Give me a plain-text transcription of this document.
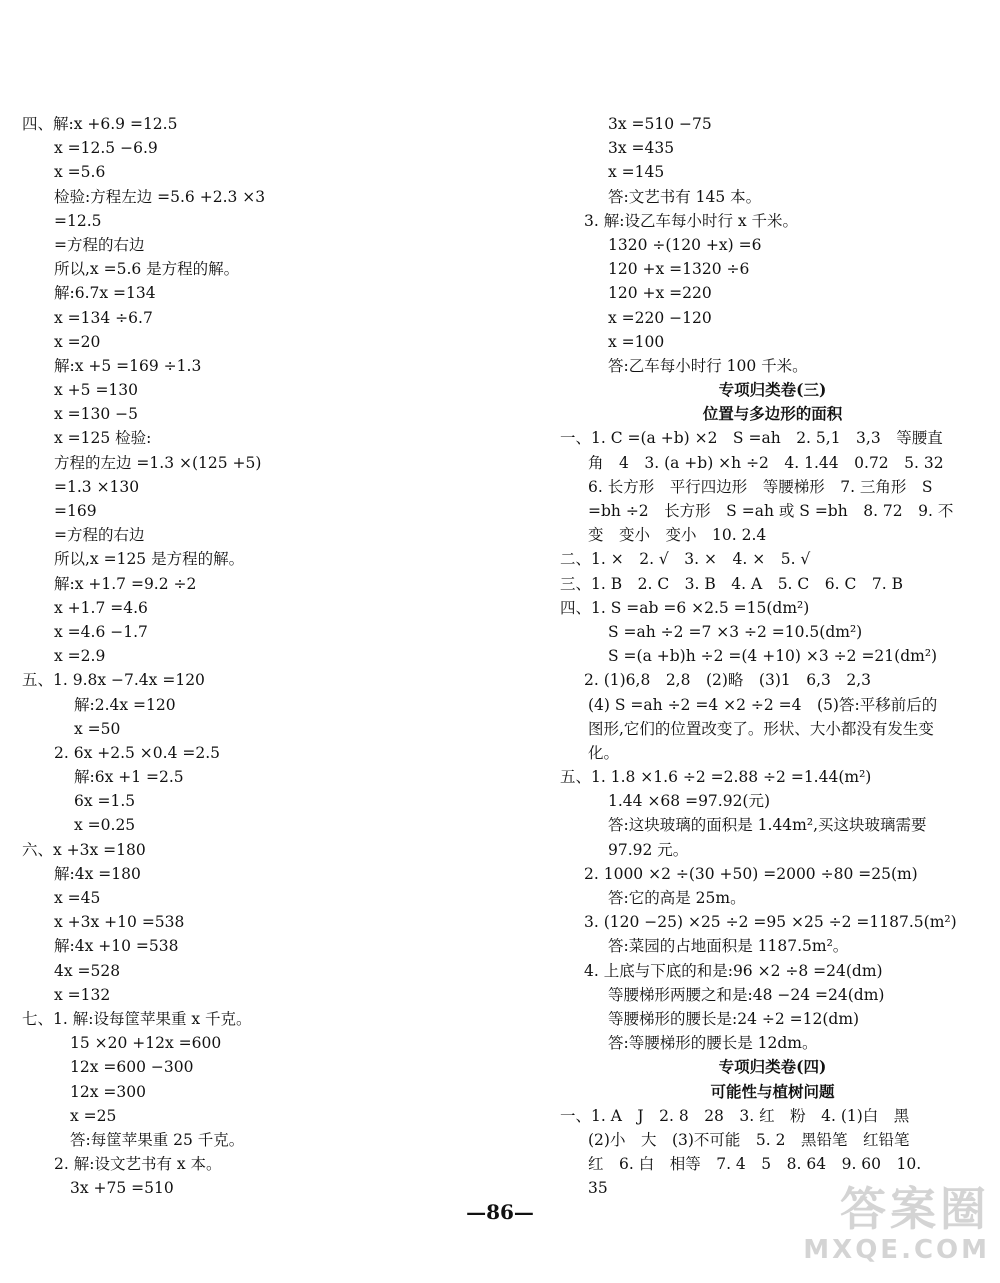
四、解:x +6.9 =12.5
x =12.5 −6.9
x =5.6
检验:方程左边 =5.6 +2.3 ×3
=12.5
=方程的右边
所以,x =5.6 是方程的解。
解:6.7x =134
x =134 ÷6.7
x =20
解:x +5 =169 ÷1.3
x +5 =130
x =130 −5
x =125 检验:
方程的左边 =1.3 ×(125 +5)
=1.3 ×130
=169
=方程的右边
所以,x =125 是方程的解。
解:x +1.7 =9.2 ÷2
x +1.7 =4.6
x =4.6 −1.7
x =2.9
五、1. 9.8x −7.4x =120
解:2.4x =120
x =50
2. 6x +2.5 ×0.4 =2.5
解:6x +1 =2.5
6x =1.5
x =0.25
六、x +3x =180
解:4x =180
x =45
x +3x +10 =538
解:4x +10 =538
4x =528
x =132
七、1. 解:设每筐苹果重 x 千克。
15 ×20 +12x =600
12x =600 −300
12x =300
x =25
答:每筐苹果重 25 千克。
2. 解:设文艺书有 x 本。
3x +75 =510
3x =510 −75
3x =435
x =145
答:文艺书有 145 本。
3. 解:设乙车每小时行 x 千米。
1320 ÷(120 +x) =6
120 +x =1320 ÷6
120 +x =220
x =220 −120
x =100
答:乙车每小时行 100 千米。
专项归类卷(三)
位置与多边形的面积
一、1. C =(a +b) ×2　S =ah　2. 5,1　3,3　等腰直
角　4　3. (a +b) ×h ÷2　4. 1.44　0.72　5. 32
6. 长方形　平行四边形　等腰梯形　7. 三角形　S
=bh ÷2　长方形　S =ah 或 S =bh　8. 72　9. 不
变　变小　变小　10. 2.4
二、1. ×　2. √　3. ×　4. ×　5. √
三、1. B　2. C　3. B　4. A　5. C　6. C　7. B
四、1. S =ab =6 ×2.5 =15(dm²)
S =ah ÷2 =7 ×3 ÷2 =10.5(dm²)
S =(a +b)h ÷2 =(4 +10) ×3 ÷2 =21(dm²)
2. (1)6,8　2,8　(2)略　(3)1　6,3　2,3
(4) S =ah ÷2 =4 ×2 ÷2 =4　(5)答:平移前后的
图形,它们的位置改变了。形状、大小都没有发生变
化。
五、1. 1.8 ×1.6 ÷2 =2.88 ÷2 =1.44(m²)
1.44 ×68 =97.92(元)
答:这块玻璃的面积是 1.44m²,买这块玻璃需要
97.92 元。
2. 1000 ×2 ÷(30 +50) =2000 ÷80 =25(m)
答:它的高是 25m。
3. (120 −25) ×25 ÷2 =95 ×25 ÷2 =1187.5(m²)
答:菜园的占地面积是 1187.5m²。
4. 上底与下底的和是:96 ×2 ÷8 =24(dm)
等腰梯形两腰之和是:48 −24 =24(dm)
等腰梯形的腰长是:24 ÷2 =12(dm)
答:等腰梯形的腰长是 12dm。
专项归类卷(四)
可能性与植树问题
一、1. A　J　2. 8　28　3. 红　粉　4. (1)白　黑
(2)小　大　(3)不可能　5. 2　黑铅笔　红铅笔
红　6. 白　相等　7. 4　5　8. 64　9. 60　10.
35
—86—	答案圈
MXQE.COM
